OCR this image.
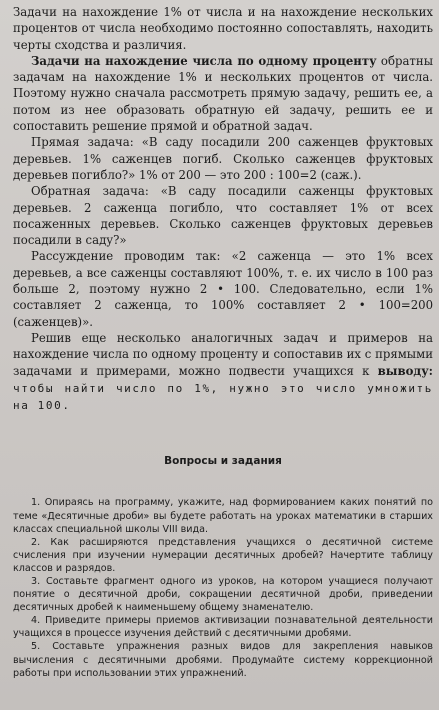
Задачи на нахождение 1% от числа и на нахождение нескольких процентов от числа необходимо постоянно сопоставлять, находить черты сходства и различия.

Задачи на нахождение числа по одному проценту обратны задачам на нахождение 1% и нескольких процентов от числа. Поэтому нужно сначала рассмотреть прямую задачу, решить ее, а потом из нее образовать обратную ей задачу, решить ее и сопоставить решение прямой и обратной задач.

Прямая задача: «В саду посадили 200 саженцев фруктовых деревьев. 1% саженцев погиб. Сколько саженцев фруктовых деревьев погибло?» 1% от 200 — это 200 : 100=2 (саж.).

Обратная задача: «В саду посадили саженцы фруктовых деревьев. 2 саженца погибло, что составляет 1% от всех посаженных деревьев. Сколько саженцев фруктовых деревьев посадили в саду?»

Рассуждение проводим так: «2 саженца — это 1% всех деревьев, а все саженцы составляют 100%, т. е. их число в 100 раз больше 2, поэтому нужно 2 • 100. Следовательно, если 1% составляет 2 саженца, то 100% составляет 2 • 100=200 (саженцев)».

Решив еще несколько аналогичных задач и примеров на нахождение числа по одному проценту и сопоставив их с прямыми задачами и примерами, можно подвести учащихся к выводу: чтобы найти число по 1%, нужно это число умножить на 100.

Вопросы и задания

1. Опираясь на программу, укажите, над формированием каких понятий по теме «Десятичные дроби» вы будете работать на уроках математики в старших классах специальной школы VIII вида.

2. Как расширяются представления учащихся о десятичной системе счисления при изучении нумерации десятичных дробей? Начертите таблицу классов и разрядов.

3. Составьте фрагмент одного из уроков, на котором учащиеся получают понятие о десятичной дроби, сокращении десятичной дроби, приведении десятичных дробей к наименьшему общему знаменателю.

4. Приведите примеры приемов активизации познавательной деятельности учащихся в процессе изучения действий с десятичными дробями.

5. Составьте упражнения разных видов для закрепления навыков вычисления с десятичными дробями. Продумайте систему коррекционной работы при использовании этих упражнений.
